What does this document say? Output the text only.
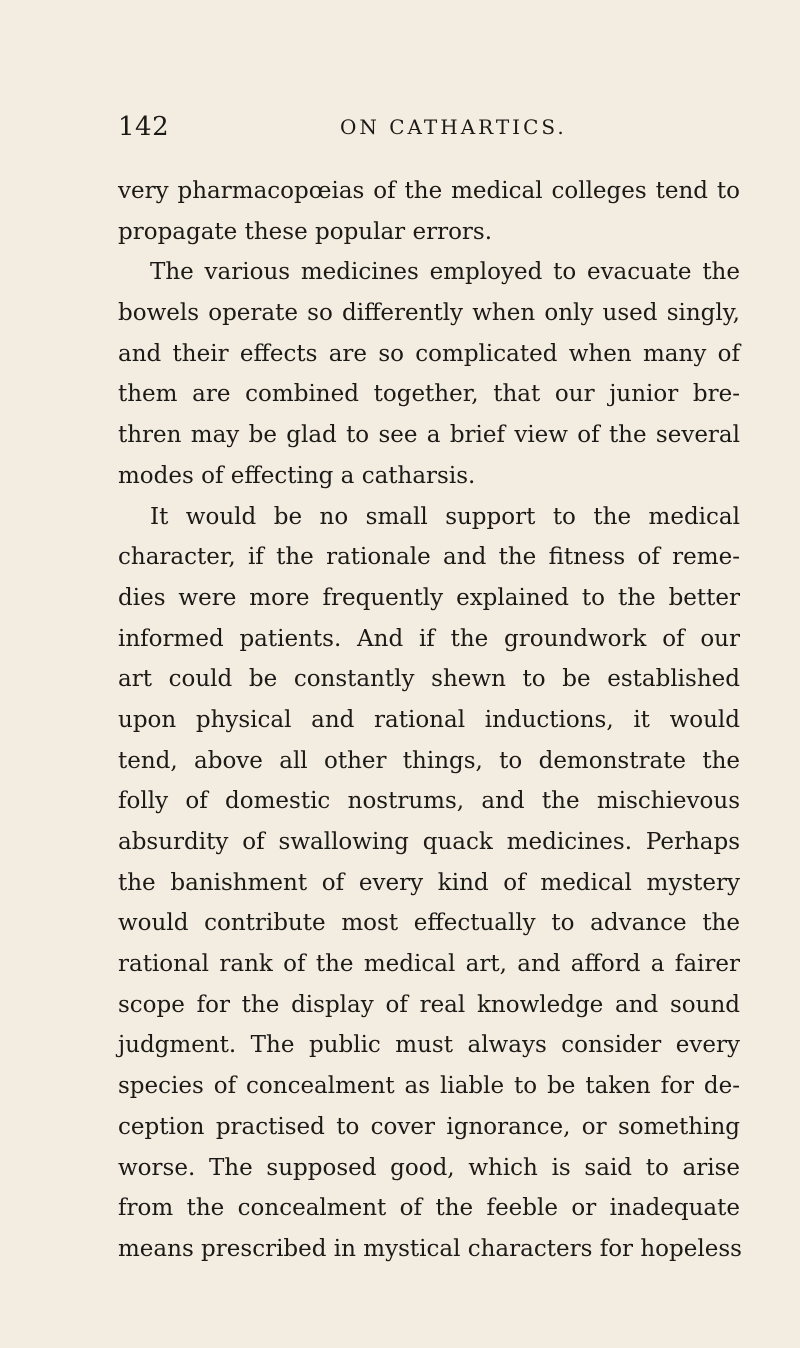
142	ON CATHARTICS.
very pharmacopœias of the medical colleges tend to
propagate these popular errors.
The various medicines employed to evacuate the
bowels operate so differently when only used singly,
and their effects are so complicated when many of
them are combined together, that our junior bre-
thren may be glad to see a brief view of the several
modes of effecting a catharsis.
It would be no small support to the medical
character, if the rationale and the fitness of reme-
dies were more frequently explained to the better
informed patients. And if the groundwork of our
art could be constantly shewn to be established
upon physical and rational inductions, it would
tend, above all other things, to demonstrate the
folly of domestic nostrums, and the mischievous
absurdity of swallowing quack medicines. Perhaps
the banishment of every kind of medical mystery
would contribute most effectually to advance the
rational rank of the medical art, and afford a fairer
scope for the display of real knowledge and sound
judgment. The public must always consider every
species of concealment as liable to be taken for de-
ception practised to cover ignorance, or something
worse. The supposed good, which is said to arise
from the concealment of the feeble or inadequate
means prescribed in mystical characters for hopeless
